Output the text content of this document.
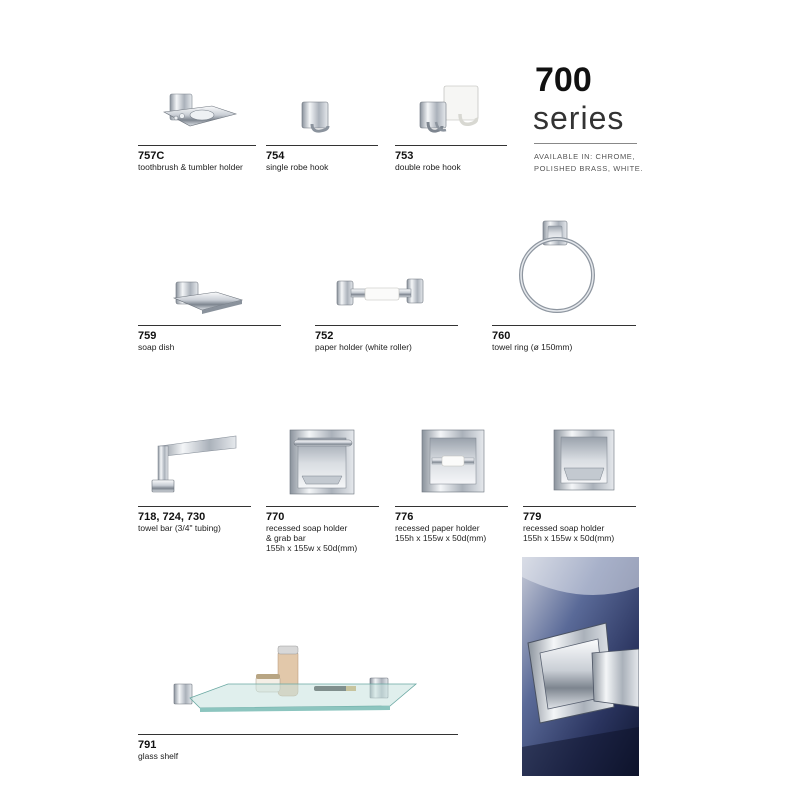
700
series
AVAILABLE IN: CHROME,
POLISHED BRASS, WHITE.
757C
toothbrush & tumbler holder
754
single robe hook
753
double robe hook
759
soap dish
752
paper holder (white roller)
760
towel ring (ø 150mm)
718, 724, 730
towel bar (3/4" tubing)
770
recessed soap holder
& grab bar
155h x 155w x 50d(mm)
776
recessed paper holder
155h x 155w x 50d(mm)
779
recessed soap holder
155h x 155w x 50d(mm)
791
glass shelf
